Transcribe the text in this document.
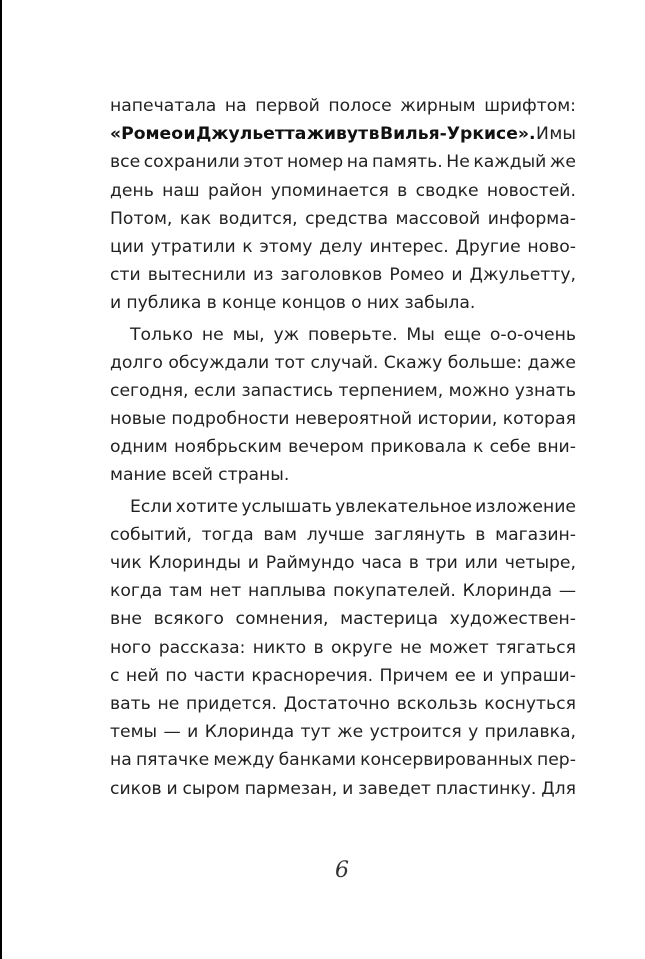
напечатала на первой полосе жирным шрифтом:
«Ромео и Джульетта живут в Вилья-Уркисе». И мы
все сохранили этот номер на память. Не каждый же
день наш район упоминается в сводке новостей.
Потом, как водится, средства массовой информа-
ции утратили к этому делу интерес. Другие ново-
сти вытеснили из заголовков Ромео и Джульетту,
и публика в конце концов о них забыла.
Только не мы, уж поверьте. Мы еще о-о-очень
долго обсуждали тот случай. Скажу больше: даже
сегодня, если запастись терпением, можно узнать
новые подробности невероятной истории, которая
одним ноябрьским вечером приковала к себе вни-
мание всей страны.
Если хотите услышать увлекательное изложение
событий, тогда вам лучше заглянуть в магазин-
чик Клоринды и Раймундо часа в три или четыре,
когда там нет наплыва покупателей. Клоринда —
вне всякого сомнения, мастерица художествен-
ного рассказа: никто в округе не может тягаться
с ней по части красноречия. Причем ее и упраши-
вать не придется. Достаточно вскользь коснуться
темы — и Клоринда тут же устроится у прилавка,
на пятачке между банками консервированных пер-
сиков и сыром пармезан, и заведет пластинку. Для
6
